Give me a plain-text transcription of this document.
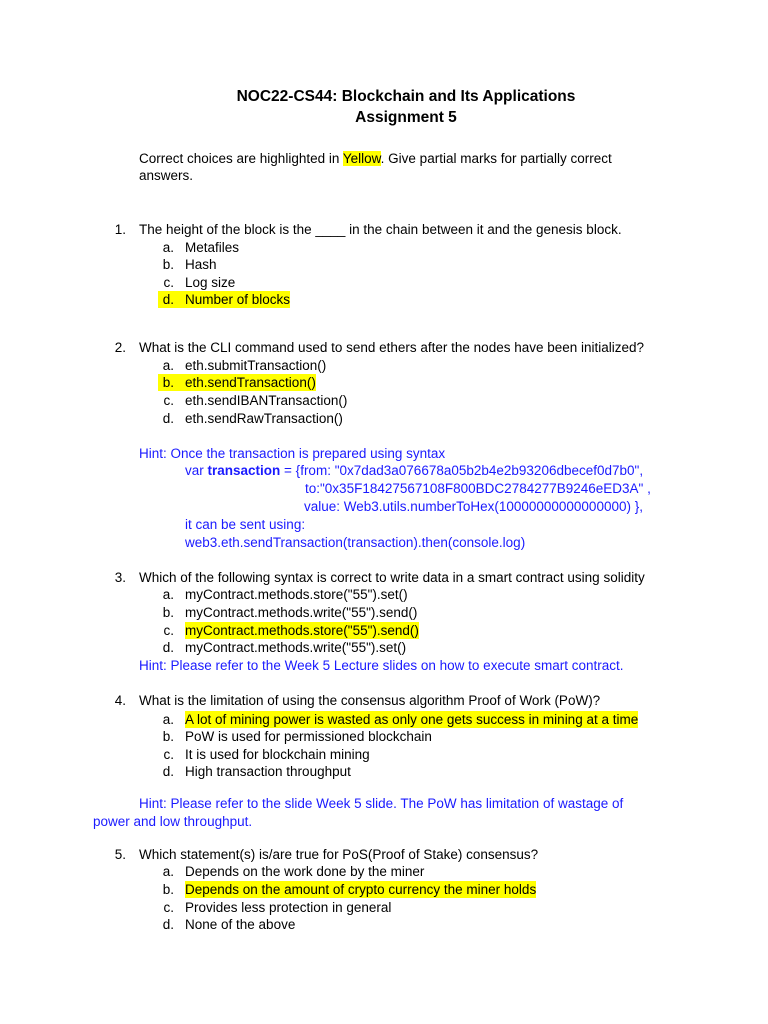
NOC22-CS44: Blockchain and Its Applications
Assignment 5
Correct choices are highlighted in Yellow. Give partial marks for partially correct
answers.
1. The height of the block is the ____ in the chain between it and the genesis block.
a. Metafiles
b. Hash
c. Log size
d. Number of blocks
2. What is the CLI command used to send ethers after the nodes have been initialized?
a. eth.submitTransaction()
b. eth.sendTransaction()
c. eth.sendIBANTransaction()
d. eth.sendRawTransaction()
Hint: Once the transaction is prepared using syntax
var transaction = {from: "0x7dad3a076678a05b2b4e2b93206dbecef0d7b0",
to:"0x35F18427567108F800BDC2784277B9246eED3A" ,
value: Web3.utils.numberToHex(10000000000000000) },
it can be sent using:
web3.eth.sendTransaction(transaction).then(console.log)
3. Which of the following syntax is correct to write data in a smart contract using solidity
a. myContract.methods.store("55").set()
b. myContract.methods.write("55").send()
c. myContract.methods.store("55").send()
d. myContract.methods.write("55").set()
Hint: Please refer to the Week 5 Lecture slides on how to execute smart contract.
4. What is the limitation of using the consensus algorithm Proof of Work (PoW)?
a. A lot of mining power is wasted as only one gets success in mining at a time
b. PoW is used for permissioned blockchain
c. It is used for blockchain mining
d. High transaction throughput
Hint: Please refer to the slide Week 5 slide. The PoW has limitation of wastage of
power and low throughput.
5. Which statement(s) is/are true for PoS(Proof of Stake) consensus?
a. Depends on the work done by the miner
b. Depends on the amount of crypto currency the miner holds
c. Provides less protection in general
d. None of the above
